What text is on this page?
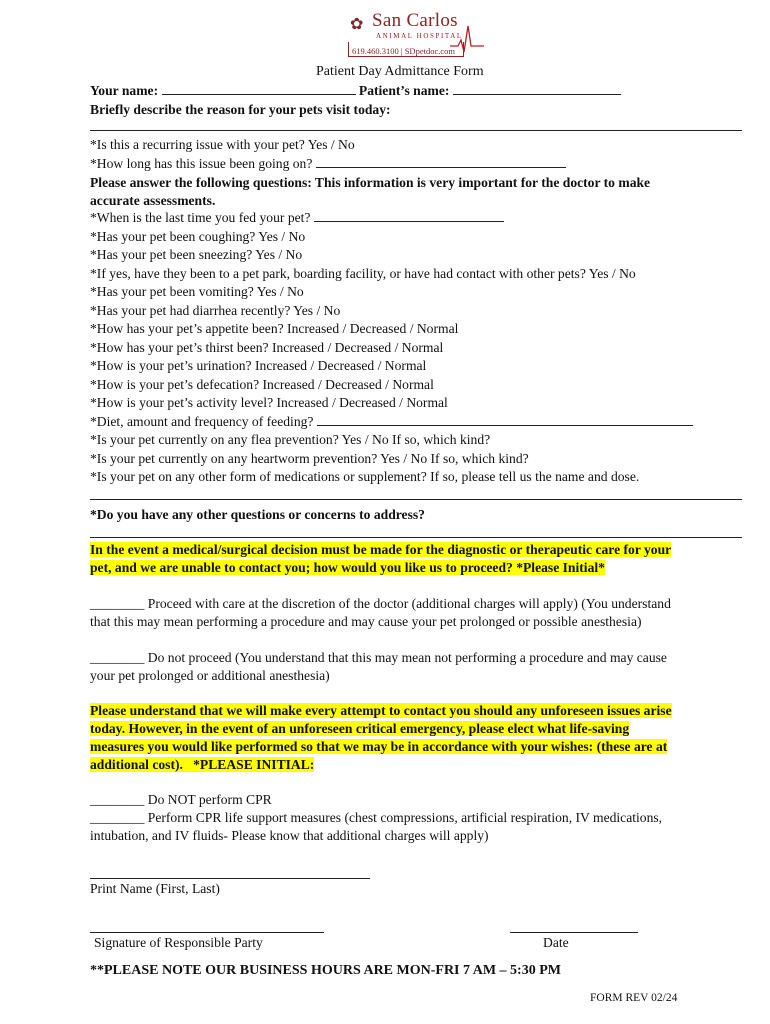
✿ San Carlos
ANIMAL HOSPITAL
619.460.3100 | SDpetdoc.com
Patient Day Admittance Form
Your name:	Patient’s name:
Briefly describe the reason for your pets visit today:
*Is this a recurring issue with your pet? Yes / No
*How long has this issue been going on?
Please answer the following questions: This information is very important for the doctor to make
accurate assessments.
*When is the last time you fed your pet?
*Has your pet been coughing? Yes / No
*Has your pet been sneezing? Yes / No
*If yes, have they been to a pet park, boarding facility, or have had contact with other pets? Yes / No
*Has your pet been vomiting? Yes / No
*Has your pet had diarrhea recently? Yes / No
*How has your pet’s appetite been? Increased / Decreased / Normal
*How has your pet’s thirst been? Increased / Decreased / Normal
*How is your pet’s urination? Increased / Decreased / Normal
*How is your pet’s defecation? Increased / Decreased / Normal
*How is your pet’s activity level? Increased / Decreased / Normal
*Diet, amount and frequency of feeding?
*Is your pet currently on any flea prevention? Yes / No If so, which kind?
*Is your pet currently on any heartworm prevention? Yes / No If so, which kind?
*Is your pet on any other form of medications or supplement? If so, please tell us the name and dose.
*Do you have any other questions or concerns to address?
In the event a medical/surgical decision must be made for the diagnostic or therapeutic care for your
pet, and we are unable to contact you; how would you like us to proceed? *Please Initial*
________ Proceed with care at the discretion of the doctor (additional charges will apply) (You understand
that this may mean performing a procedure and may cause your pet prolonged or possible anesthesia)
________ Do not proceed (You understand that this may mean not performing a procedure and may cause
your pet prolonged or additional anesthesia)
Please understand that we will make every attempt to contact you should any unforeseen issues arise
today. However, in the event of an unforeseen critical emergency, please elect what life-saving
measures you would like performed so that we may be in accordance with your wishes: (these are at
additional cost).   *PLEASE INITIAL:
________ Do NOT perform CPR
________ Perform CPR life support measures (chest compressions, artificial respiration, IV medications,
intubation, and IV fluids- Please know that additional charges will apply)
Print Name (First, Last)
Signature of Responsible Party	Date
**PLEASE NOTE OUR BUSINESS HOURS ARE MON-FRI 7 AM – 5:30 PM
FORM REV 02/24
